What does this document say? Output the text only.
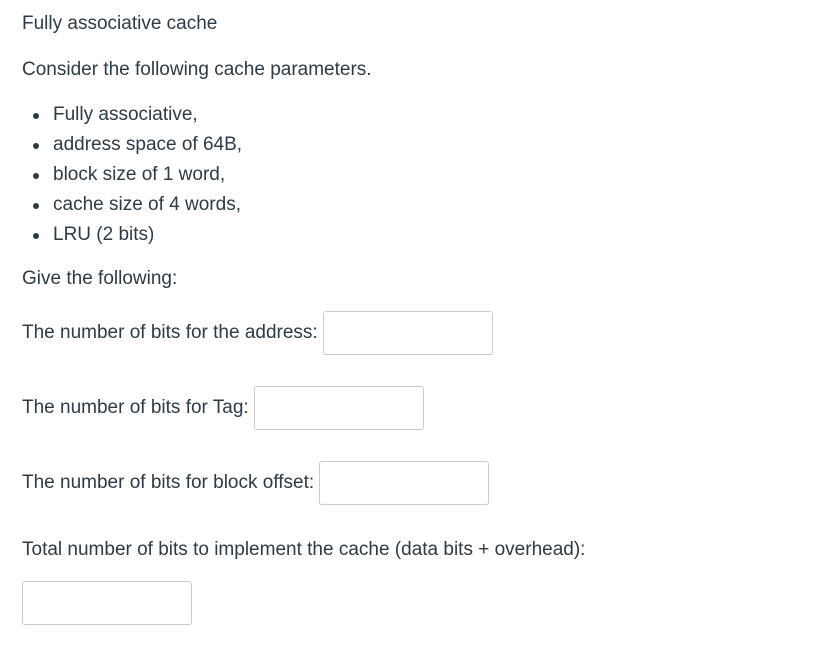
Fully associative cache
Consider the following cache parameters.
Fully associative,
address space of 64B,
block size of 1 word,
cache size of 4 words,
LRU (2 bits)
Give the following:
The number of bits for the address:
The number of bits for Tag:
The number of bits for block offset:
Total number of bits to implement the cache (data bits + overhead):
